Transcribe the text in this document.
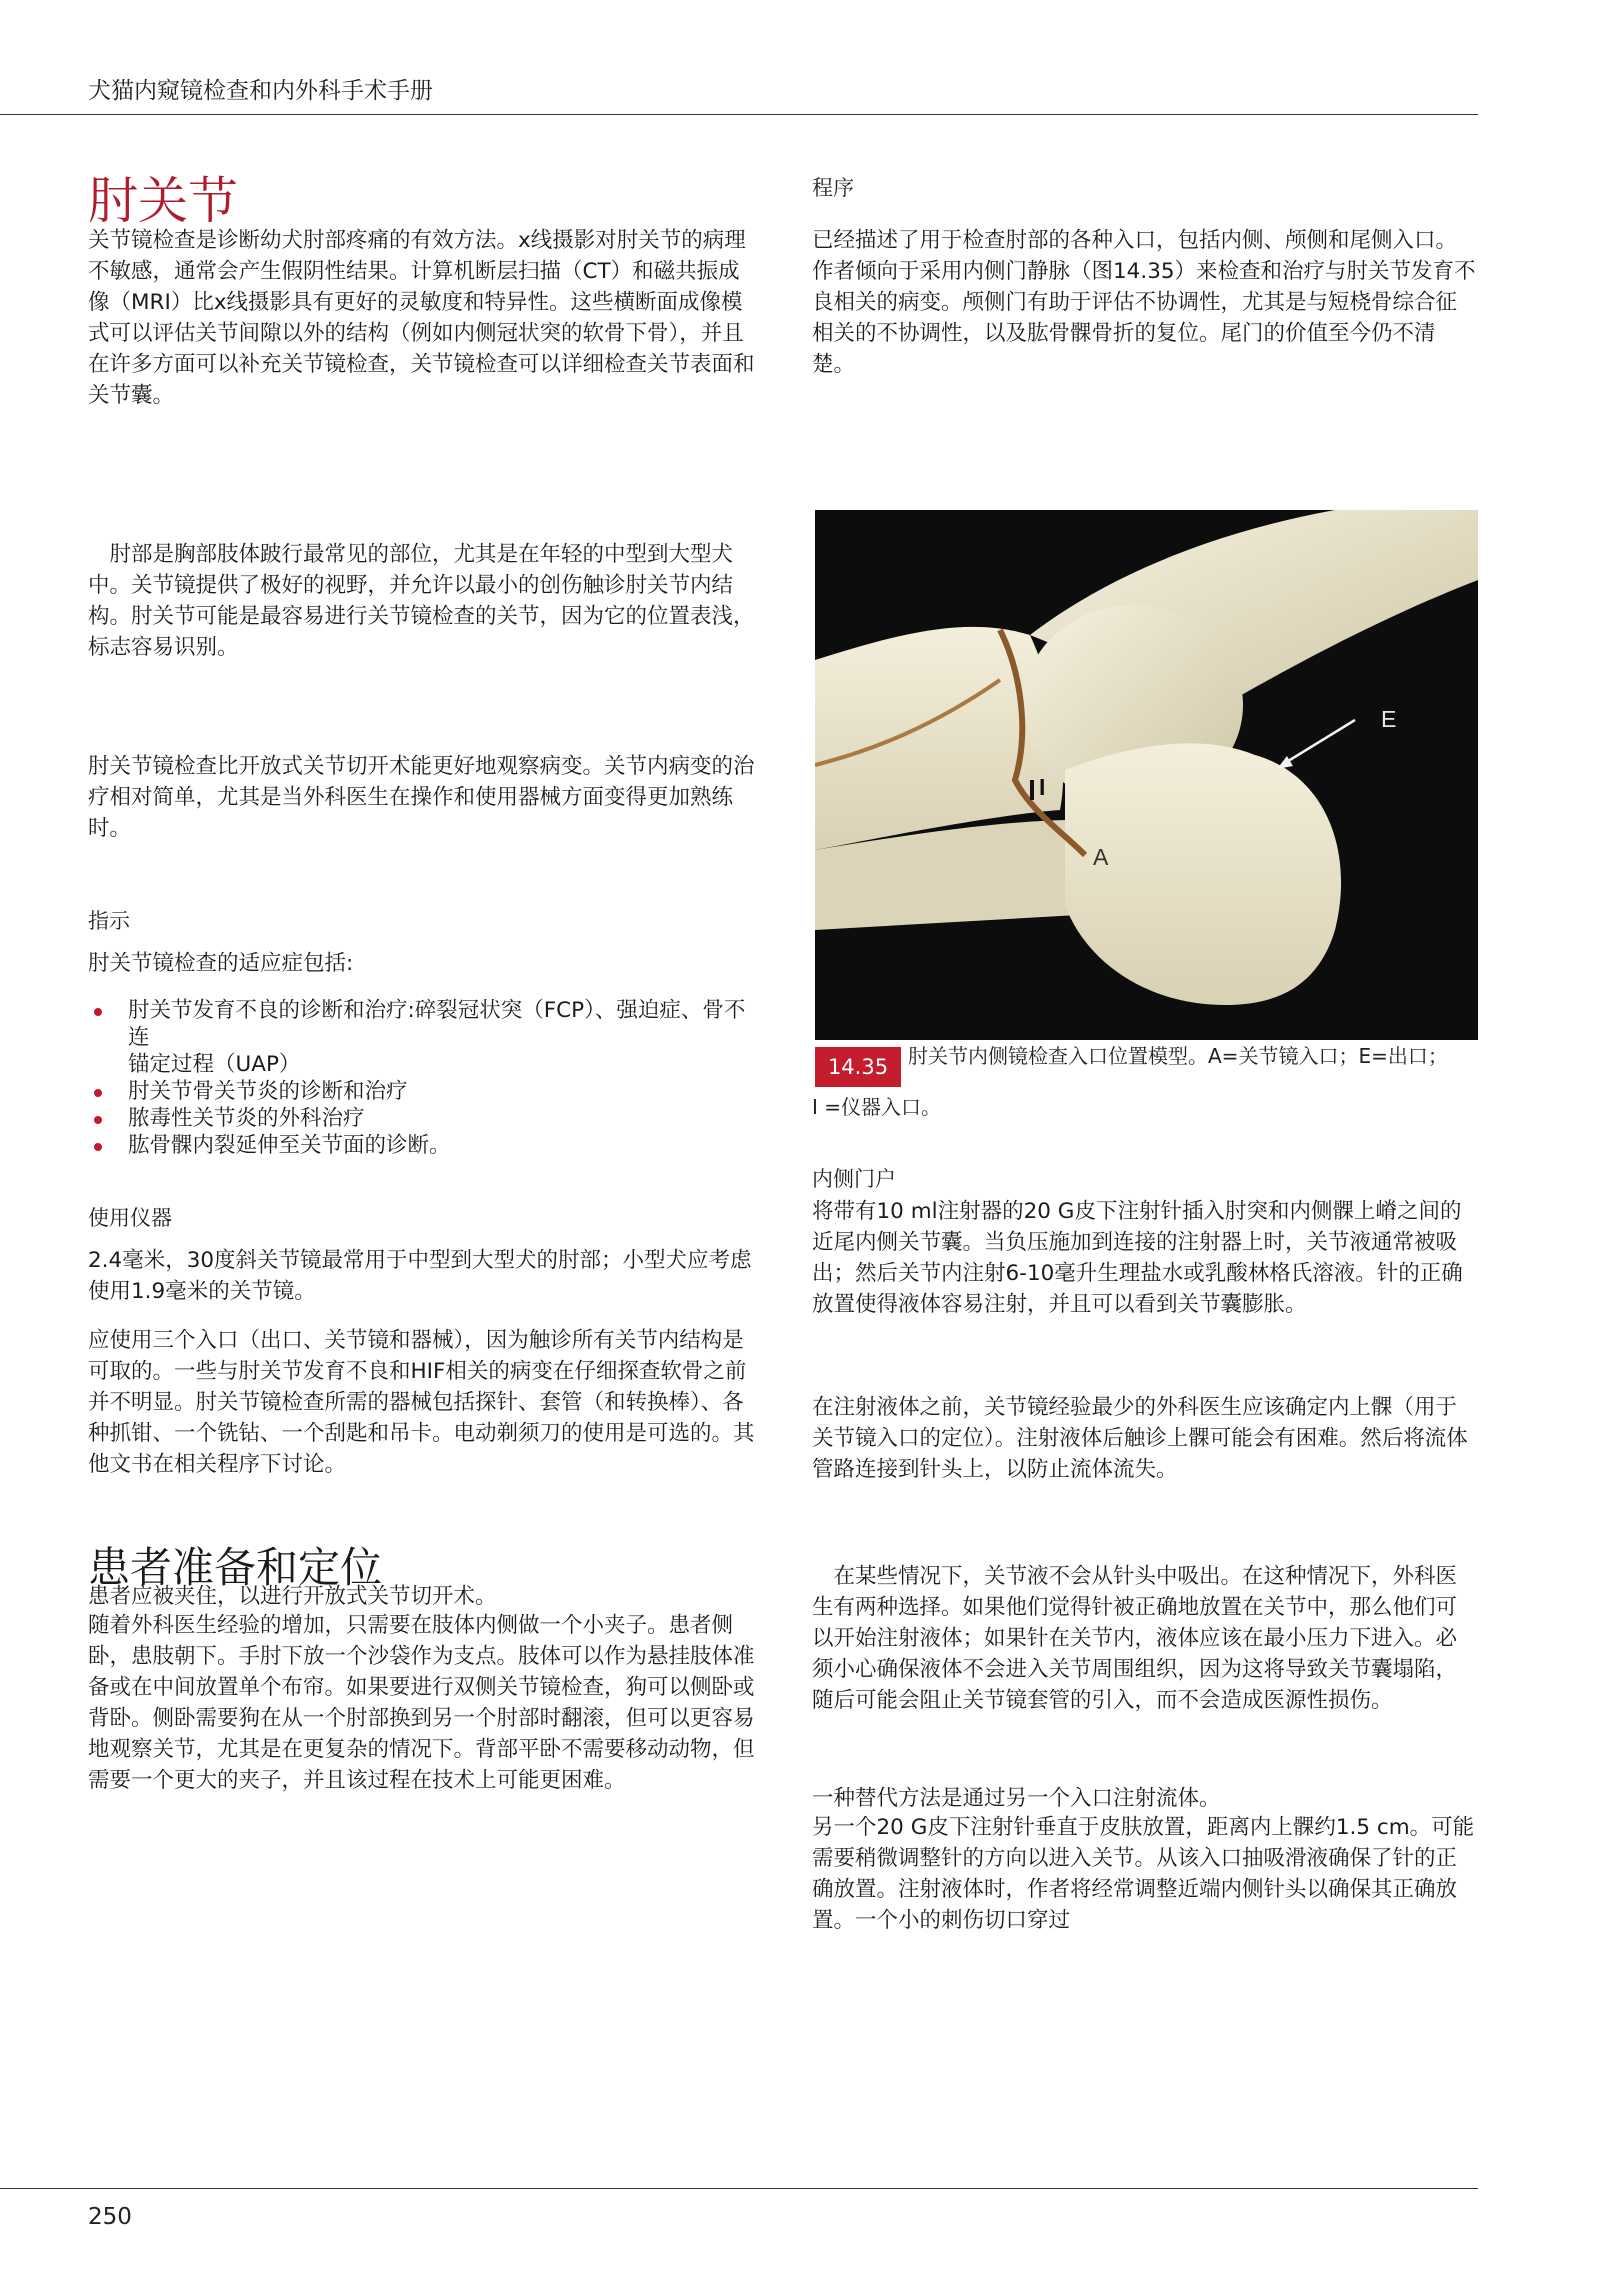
犬猫内窥镜检查和内外科手术手册
肘关节

关节镜检查是诊断幼犬肘部疼痛的有效方法。x线摄影对肘关节的病理不敏感，通常会产生假阴性结果。计算机断层扫描（CT）和磁共振成像（MRI）比x线摄影具有更好的灵敏度和特异性。这些横断面成像模式可以评估关节间隙以外的结构（例如内侧冠状突的软骨下骨），并且在许多方面可以补充关节镜检查，关节镜检查可以详细检查关节表面和关节囊。

　肘部是胸部肢体跛行最常见的部位，尤其是在年轻的中型到大型犬中。关节镜提供了极好的视野，并允许以最小的创伤触诊肘关节内结构。肘关节可能是最容易进行关节镜检查的关节，因为它的位置表浅，标志容易识别。

肘关节镜检查比开放式关节切开术能更好地观察病变。关节内病变的治疗相对简单，尤其是当外科医生在操作和使用器械方面变得更加熟练时。

指示

肘关节镜检查的适应症包括:

肘关节发育不良的诊断和治疗:碎裂冠状突（FCP）、强迫症、骨不连
锚定过程（UAP）
肘关节骨关节炎的诊断和治疗
脓毒性关节炎的外科治疗
肱骨髁内裂延伸至关节面的诊断。
使用仪器

2.4毫米，30度斜关节镜最常用于中型到大型犬的肘部；小型犬应考虑使用1.9毫米的关节镜。

应使用三个入口（出口、关节镜和器械），因为触诊所有关节内结构是可取的。一些与肘关节发育不良和HIF相关的病变在仔细探查软骨之前并不明显。肘关节镜检查所需的器械包括探针、套管（和转换棒）、各种抓钳、一个铣钻、一个刮匙和吊卡。电动剃须刀的使用是可选的。其他文书在相关程序下讨论。

患者准备和定位

患者应被夹住，以进行开放式关节切开术。

随着外科医生经验的增加，只需要在肢体内侧做一个小夹子。患者侧卧，患肢朝下。手肘下放一个沙袋作为支点。肢体可以作为悬挂肢体准备或在中间放置单个布帘。如果要进行双侧关节镜检查，狗可以侧卧或背卧。侧卧需要狗在从一个肘部换到另一个肘部时翻滚，但可以更容易地观察关节，尤其是在更复杂的情况下。背部平卧不需要移动动物，但需要一个更大的夹子，并且该过程在技术上可能更困难。

程序

已经描述了用于检查肘部的各种入口，包括内侧、颅侧和尾侧入口。作者倾向于采用内侧门静脉（图14.35）来检查和治疗与肘关节发育不良相关的病变。颅侧门有助于评估不协调性，尤其是与短桡骨综合征相关的不协调性，以及肱骨髁骨折的复位。尾门的价值至今仍不清楚。

E
I
A
14.35 肘关节内侧镜检查入口位置模型。A=关节镜入口；E=出口；
I =仪器入口。
内侧门户

将带有10 ml注射器的20 G皮下注射针插入肘突和内侧髁上嵴之间的近尾内侧关节囊。当负压施加到连接的注射器上时，关节液通常被吸出；然后关节内注射6-10毫升生理盐水或乳酸林格氏溶液。针的正确放置使得液体容易注射，并且可以看到关节囊膨胀。

在注射液体之前，关节镜经验最少的外科医生应该确定内上髁（用于关节镜入口的定位）。注射液体后触诊上髁可能会有困难。然后将流体管路连接到针头上，以防止流体流失。

　在某些情况下，关节液不会从针头中吸出。在这种情况下，外科医生有两种选择。如果他们觉得针被正确地放置在关节中，那么他们可以开始注射液体；如果针在关节内，液体应该在最小压力下进入。必须小心确保液体不会进入关节周围组织，因为这将导致关节囊塌陷，随后可能会阻止关节镜套管的引入，而不会造成医源性损伤。

一种替代方法是通过另一个入口注射流体。

另一个20 G皮下注射针垂直于皮肤放置，距离内上髁约1.5 cm。可能需要稍微调整针的方向以进入关节。从该入口抽吸滑液确保了针的正确放置。注射液体时，作者将经常调整近端内侧针头以确保其正确放置。一个小的刺伤切口穿过

250
